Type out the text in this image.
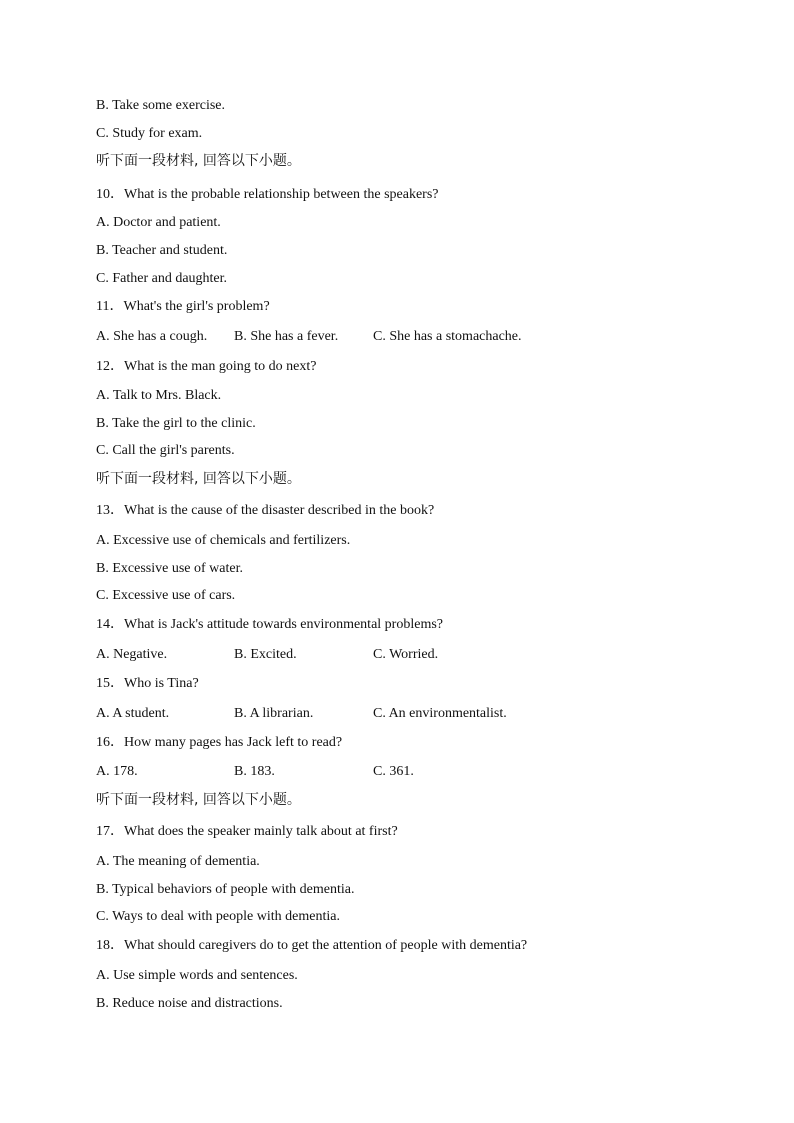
B. Take some exercise.
C. Study for exam.
听下面一段材料, 回答以下小题。
10．What is the probable relationship between the speakers?
A. Doctor and patient.
B. Teacher and student.
C. Father and daughter.
11．What's the girl's problem?
A. She has a cough. B. She has a fever. C. She has a stomachache.
12．What is the man going to do next?
A. Talk to Mrs. Black.
B. Take the girl to the clinic.
C. Call the girl's parents.
听下面一段材料, 回答以下小题。
13．What is the cause of the disaster described in the book?
A. Excessive use of chemicals and fertilizers.
B. Excessive use of water.
C. Excessive use of cars.
14．What is Jack's attitude towards environmental problems?
A. Negative.	B. Excited.	C. Worried.
15．Who is Tina?
A. A student.	B. A librarian.	C. An environmentalist.
16．How many pages has Jack left to read?
A. 178.	B. 183.	C. 361.
听下面一段材料, 回答以下小题。
17．What does the speaker mainly talk about at first?
A. The meaning of dementia.
B. Typical behaviors of people with dementia.
C. Ways to deal with people with dementia.
18．What should caregivers do to get the attention of people with dementia?
A. Use simple words and sentences.
B. Reduce noise and distractions.
